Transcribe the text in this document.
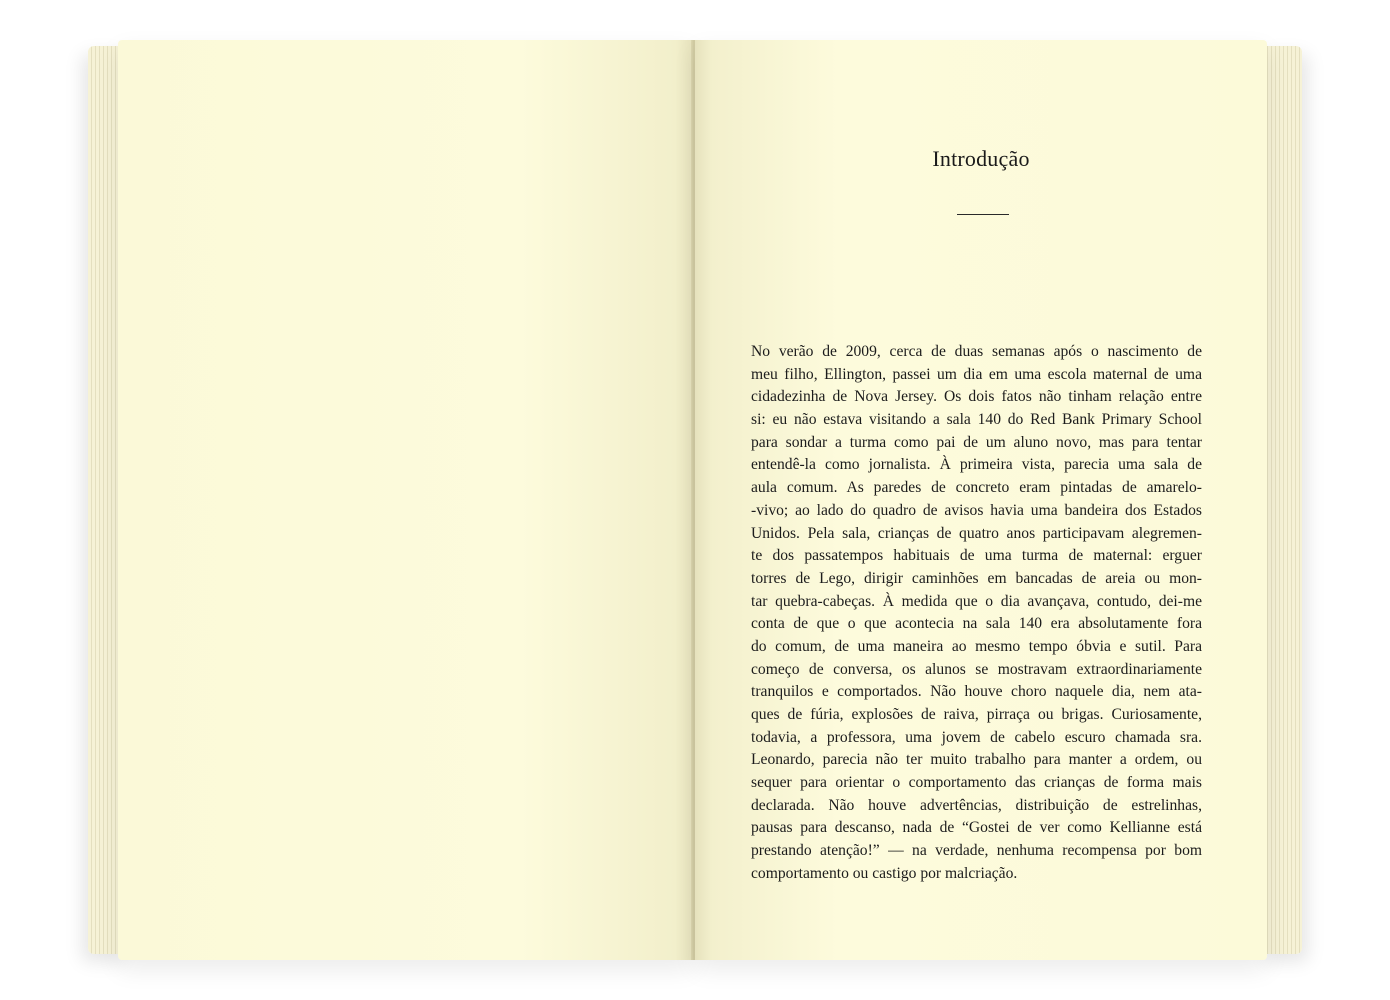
Introdução
No verão de 2009, cerca de duas semanas após o nascimento de
meu filho, Ellington, passei um dia em uma escola maternal de uma
cidadezinha de Nova Jersey. Os dois fatos não tinham relação entre
si: eu não estava visitando a sala 140 do Red Bank Primary School
para sondar a turma como pai de um aluno novo, mas para tentar
entendê-la como jornalista. À primeira vista, parecia uma sala de
aula comum. As paredes de concreto eram pintadas de amarelo-
-vivo; ao lado do quadro de avisos havia uma bandeira dos Estados
Unidos. Pela sala, crianças de quatro anos participavam alegremen-
te dos passatempos habituais de uma turma de maternal: erguer
torres de Lego, dirigir caminhões em bancadas de areia ou mon-
tar quebra-cabeças. À medida que o dia avançava, contudo, dei-me
conta de que o que acontecia na sala 140 era absolutamente fora
do comum, de uma maneira ao mesmo tempo óbvia e sutil. Para
começo de conversa, os alunos se mostravam extraordinariamente
tranquilos e comportados. Não houve choro naquele dia, nem ata-
ques de fúria, explosões de raiva, pirraça ou brigas. Curiosamente,
todavia, a professora, uma jovem de cabelo escuro chamada sra.
Leonardo, parecia não ter muito trabalho para manter a ordem, ou
sequer para orientar o comportamento das crianças de forma mais
declarada. Não houve advertências, distribuição de estrelinhas,
pausas para descanso, nada de “Gostei de ver como Kellianne está
prestando atenção!” — na verdade, nenhuma recompensa por bom
comportamento ou castigo por malcriação.
